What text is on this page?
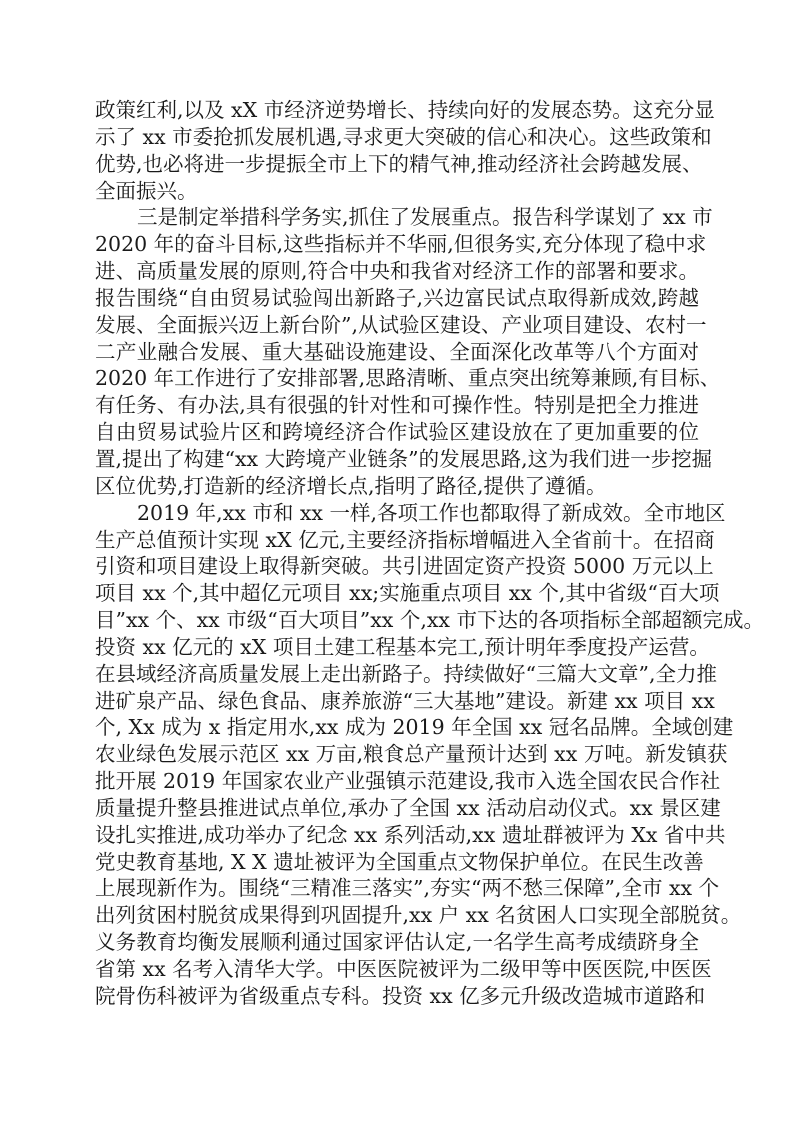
政策红利,以及 xX 市经济逆势增长、持续向好的发展态势。这充分显
示了 xx 市委抢抓发展机遇,寻求更大突破的信心和决心。这些政策和
优势,也必将进一步提振全市上下的精气神,推动经济社会跨越发展、
全面振兴。
三是制定举措科学务实,抓住了发展重点。报告科学谋划了 xx 市
2020 年的奋斗目标,这些指标并不华丽,但很务实,充分体现了稳中求
进、高质量发展的原则,符合中央和我省对经济工作的部署和要求。
报告围绕“自由贸易试验闯出新路子,兴边富民试点取得新成效,跨越
发展、全面振兴迈上新台阶”,从试验区建设、产业项目建设、农村一
二产业融合发展、重大基础设施建设、全面深化改革等八个方面对
2020 年工作进行了安排部署,思路清晰、重点突出统筹兼顾,有目标、
有任务、有办法,具有很强的针对性和可操作性。特别是把全力推进
自由贸易试验片区和跨境经济合作试验区建设放在了更加重要的位
置,提出了构建“xx 大跨境产业链条”的发展思路,这为我们进一步挖掘
区位优势,打造新的经济增长点,指明了路径,提供了遵循。
2019 年,xx 市和 xx 一样,各项工作也都取得了新成效。全市地区
生产总值预计实现 xX 亿元,主要经济指标增幅进入全省前十。在招商
引资和项目建设上取得新突破。共引进固定资产投资 5000 万元以上
项目 xx 个,其中超亿元项目 xx;实施重点项目 xx 个,其中省级“百大项
目”xx 个、xx 市级“百大项目”xx 个,xx 市下达的各项指标全部超额完成。
投资 xx 亿元的 xX 项目土建工程基本完工,预计明年季度投产运营。
在县域经济高质量发展上走出新路子。持续做好“三篇大文章”,全力推
进矿泉产品、绿色食品、康养旅游“三大基地”建设。新建 xx 项目 xx
个, Xx 成为 x 指定用水,xx 成为 2019 年全国 xx 冠名品牌。全域创建
农业绿色发展示范区 xx 万亩,粮食总产量预计达到 xx 万吨。新发镇获
批开展 2019 年国家农业产业强镇示范建设,我市入选全国农民合作社
质量提升整县推进试点单位,承办了全国 xx 活动启动仪式。xx 景区建
设扎实推进,成功举办了纪念 xx 系列活动,xx 遗址群被评为 Xx 省中共
党史教育基地, X X 遗址被评为全国重点文物保护单位。在民生改善
上展现新作为。围绕“三精准三落实”,夯实“两不愁三保障”,全市 xx 个
出列贫困村脱贫成果得到巩固提升,xx 户 xx 名贫困人口实现全部脱贫。
义务教育均衡发展顺利通过国家评估认定,一名学生高考成绩跻身全
省第 xx 名考入清华大学。中医医院被评为二级甲等中医医院,中医医
院骨伤科被评为省级重点专科。投资 xx 亿多元升级改造城市道路和
